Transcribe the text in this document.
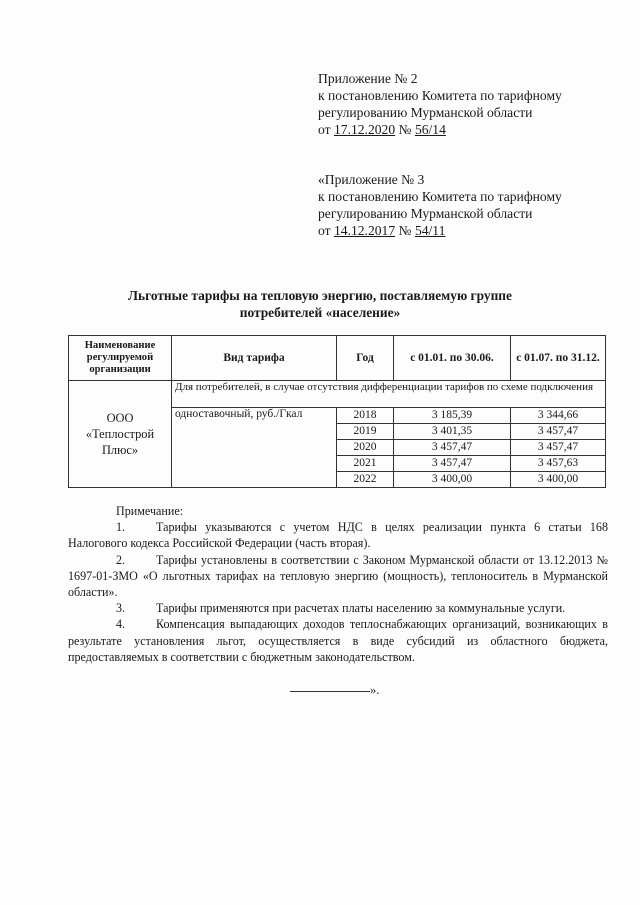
Приложение № 2
к постановлению Комитета по тарифному
регулированию Мурманской области
от 17.12.2020 № 56/14
«Приложение № 3
к постановлению Комитета по тарифному
регулированию Мурманской области
от 14.12.2017 № 54/11
Льготные тарифы на тепловую энергию, поставляемую группе
потребителей «население»
Наименование регулируемой организации	Вид тарифа	Год	с 01.01. по 30.06.	с 01.07. по 31.12.
ООО «Теплострой Плюс»	Для потребителей, в случае отсутствия дифференциации тарифов по схеме подключения			
	одноставочный, руб./Гкал	2018	3 185,39	3 344,66
		2019	3 401,35	3 457,47
		2020	3 457,47	3 457,47
		2021	3 457,47	3 457,63
		2022	3 400,00	3 400,00

Примечание:

1.	Тарифы указываются с учетом НДС в целях реализации пункта 6 статьи 168 Налогового кодекса Российской Федерации (часть вторая).

2.	Тарифы установлены в соответствии с Законом Мурманской области от 13.12.2013 № 1697-01-ЗМО «О льготных тарифах на тепловую энергию (мощность), теплоноситель в Мурманской области».

3.	Тарифы применяются при расчетах платы населению за коммунальные услуги.

4.	Компенсация выпадающих доходов теплоснабжающих организаций, возникающих в результате установления льгот, осуществляется в виде субсидий из областного бюджета, предоставляемых в соответствии с бюджетным законодательством.

».
